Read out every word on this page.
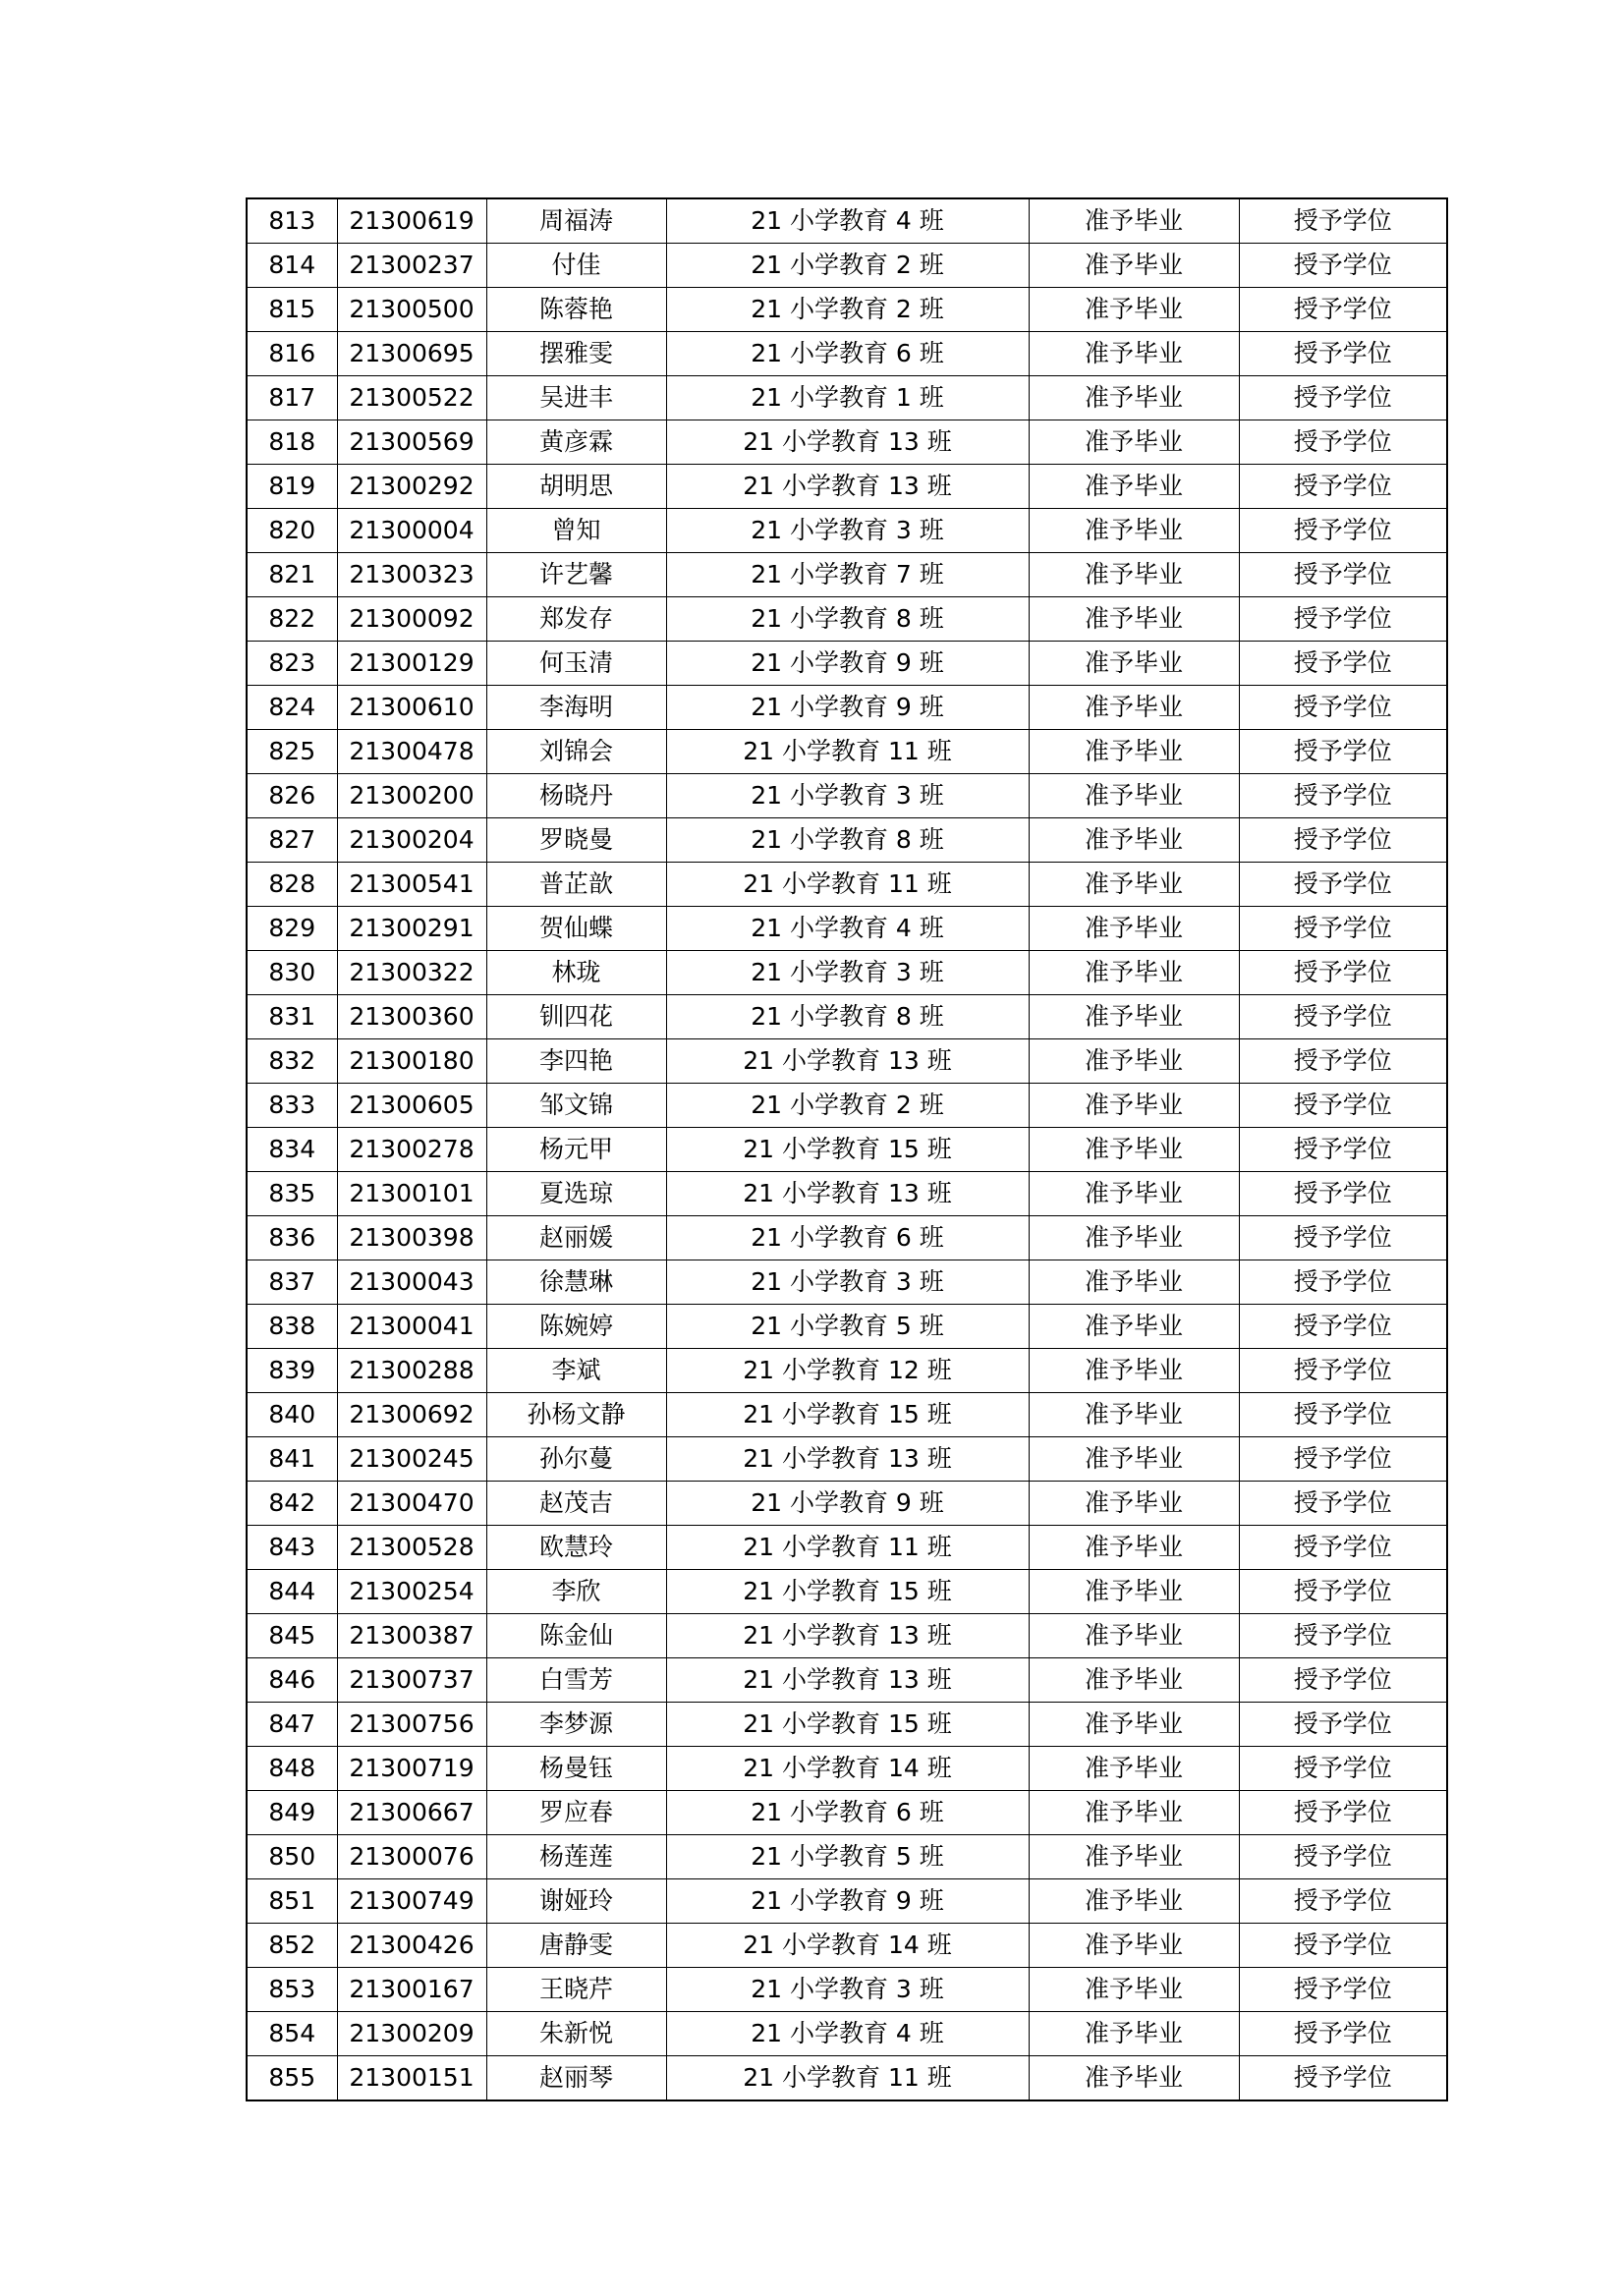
813	21300619	周福涛	21 小学教育 4 班	准予毕业	授予学位
814	21300237	付佳	21 小学教育 2 班	准予毕业	授予学位
815	21300500	陈蓉艳	21 小学教育 2 班	准予毕业	授予学位
816	21300695	摆雅雯	21 小学教育 6 班	准予毕业	授予学位
817	21300522	吴进丰	21 小学教育 1 班	准予毕业	授予学位
818	21300569	黄彦霖	21 小学教育 13 班	准予毕业	授予学位
819	21300292	胡明思	21 小学教育 13 班	准予毕业	授予学位
820	21300004	曾知	21 小学教育 3 班	准予毕业	授予学位
821	21300323	许艺馨	21 小学教育 7 班	准予毕业	授予学位
822	21300092	郑发存	21 小学教育 8 班	准予毕业	授予学位
823	21300129	何玉清	21 小学教育 9 班	准予毕业	授予学位
824	21300610	李海明	21 小学教育 9 班	准予毕业	授予学位
825	21300478	刘锦会	21 小学教育 11 班	准予毕业	授予学位
826	21300200	杨晓丹	21 小学教育 3 班	准予毕业	授予学位
827	21300204	罗晓曼	21 小学教育 8 班	准予毕业	授予学位
828	21300541	普芷歆	21 小学教育 11 班	准予毕业	授予学位
829	21300291	贺仙蝶	21 小学教育 4 班	准予毕业	授予学位
830	21300322	林珑	21 小学教育 3 班	准予毕业	授予学位
831	21300360	钏四花	21 小学教育 8 班	准予毕业	授予学位
832	21300180	李四艳	21 小学教育 13 班	准予毕业	授予学位
833	21300605	邹文锦	21 小学教育 2 班	准予毕业	授予学位
834	21300278	杨元甲	21 小学教育 15 班	准予毕业	授予学位
835	21300101	夏选琼	21 小学教育 13 班	准予毕业	授予学位
836	21300398	赵丽媛	21 小学教育 6 班	准予毕业	授予学位
837	21300043	徐慧琳	21 小学教育 3 班	准予毕业	授予学位
838	21300041	陈婉婷	21 小学教育 5 班	准予毕业	授予学位
839	21300288	李斌	21 小学教育 12 班	准予毕业	授予学位
840	21300692	孙杨文静	21 小学教育 15 班	准予毕业	授予学位
841	21300245	孙尔蔓	21 小学教育 13 班	准予毕业	授予学位
842	21300470	赵茂吉	21 小学教育 9 班	准予毕业	授予学位
843	21300528	欧慧玲	21 小学教育 11 班	准予毕业	授予学位
844	21300254	李欣	21 小学教育 15 班	准予毕业	授予学位
845	21300387	陈金仙	21 小学教育 13 班	准予毕业	授予学位
846	21300737	白雪芳	21 小学教育 13 班	准予毕业	授予学位
847	21300756	李梦源	21 小学教育 15 班	准予毕业	授予学位
848	21300719	杨曼钰	21 小学教育 14 班	准予毕业	授予学位
849	21300667	罗应春	21 小学教育 6 班	准予毕业	授予学位
850	21300076	杨莲莲	21 小学教育 5 班	准予毕业	授予学位
851	21300749	谢娅玲	21 小学教育 9 班	准予毕业	授予学位
852	21300426	唐静雯	21 小学教育 14 班	准予毕业	授予学位
853	21300167	王晓芹	21 小学教育 3 班	准予毕业	授予学位
854	21300209	朱新悦	21 小学教育 4 班	准予毕业	授予学位
855	21300151	赵丽琴	21 小学教育 11 班	准予毕业	授予学位
